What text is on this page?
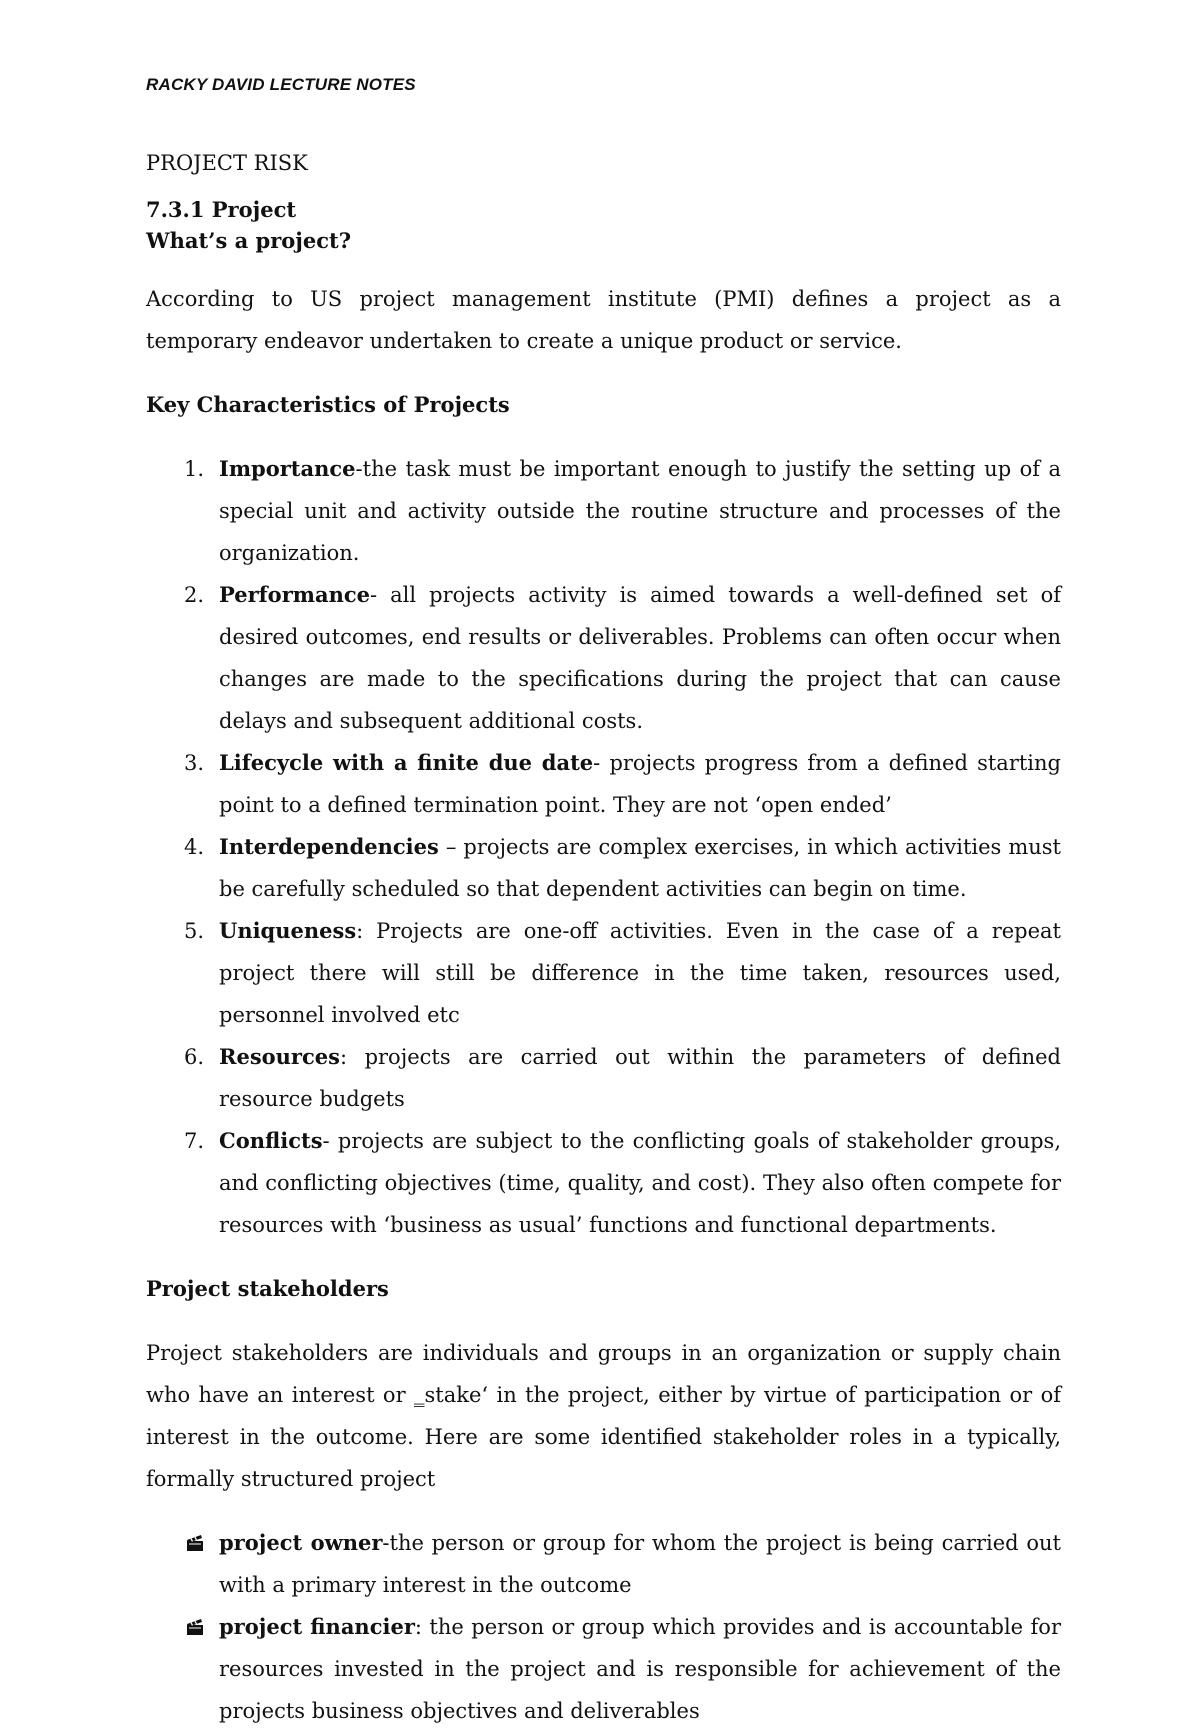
RACKY DAVID LECTURE NOTES
PROJECT RISK

7.3.1 Project

What’s a project?

According to US project management institute (PMI) defines a project as a temporary endeavor undertaken to create a unique product or service.

Key Characteristics of Projects

1. Importance-the task must be important enough to justify the setting up of a special unit and activity outside the routine structure and processes of the organization.
2. Performance- all projects activity is aimed towards a well-defined set of desired outcomes, end results or deliverables. Problems can often occur when changes are made to the specifications during the project that can cause delays and subsequent additional costs.
3. Lifecycle with a finite due date- projects progress from a defined starting point to a defined termination point. They are not ‘open ended’
4. Interdependencies – projects are complex exercises, in which activities must be carefully scheduled so that dependent activities can begin on time.
5. Uniqueness: Projects are one-off activities. Even in the case of a repeat project there will still be difference in the time taken, resources used, personnel involved etc
6. Resources: projects are carried out within the parameters of defined resource budgets
7. Conflicts- projects are subject to the conflicting goals of stakeholder groups, and conflicting objectives (time, quality, and cost). They also often compete for resources with ‘business as usual’ functions and functional departments.

Project stakeholders

Project stakeholders are individuals and groups in an organization or supply chain who have an interest or ‗stake‘ in the project, either by virtue of participation or of interest in the outcome. Here are some identified stakeholder roles in a typically, formally structured project

project owner-the person or group for whom the project is being carried out with a primary interest in the outcome
project financier: the person or group which provides and is accountable for resources invested in the project and is responsible for achievement of the projects business objectives and deliverables
